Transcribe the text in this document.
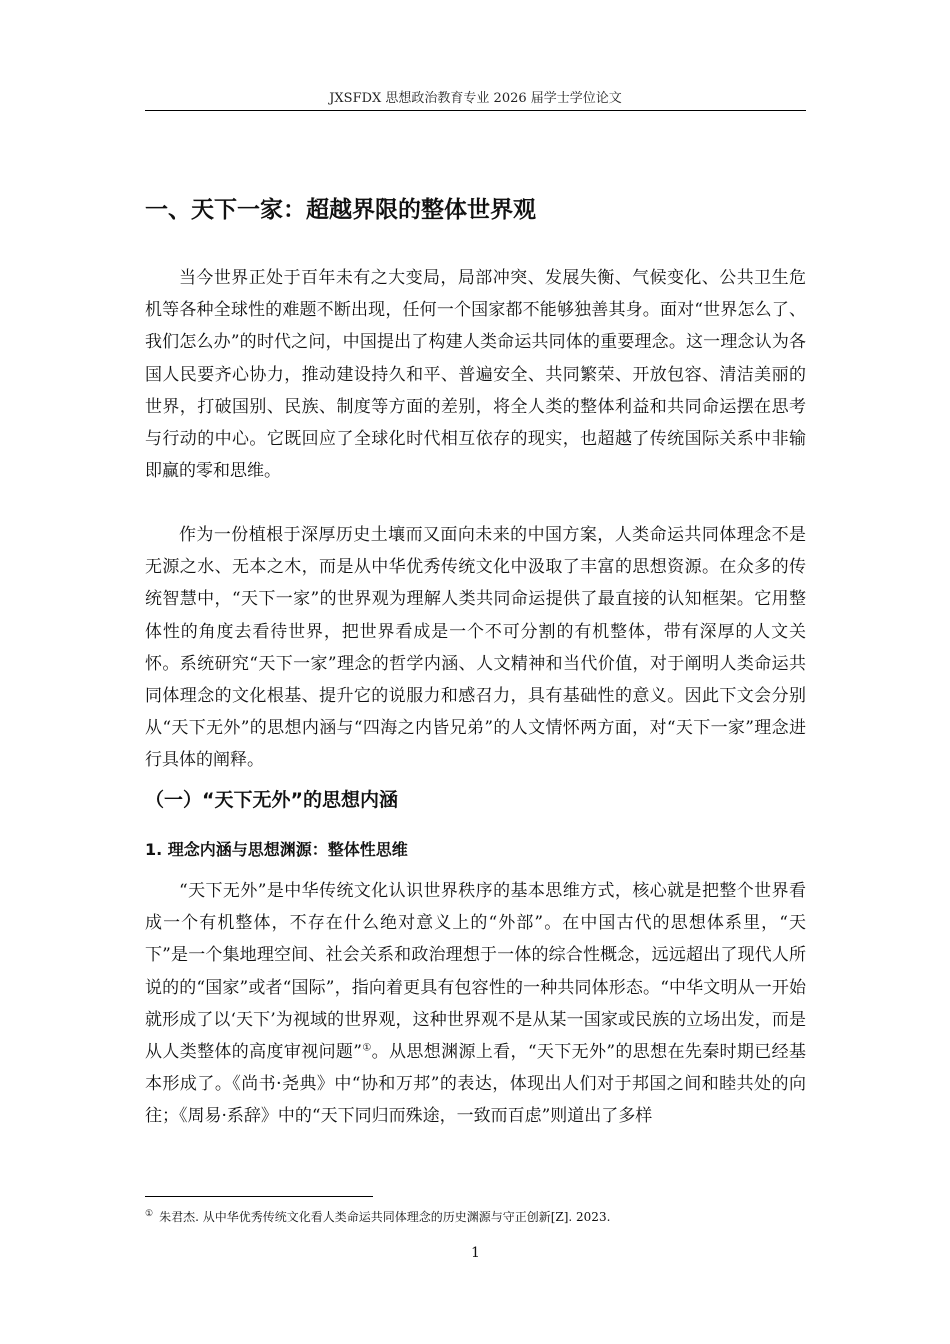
JXSFDX 思想政治教育专业 2026 届学士学位论文
一、天下一家：超越界限的整体世界观

当今世界正处于百年未有之大变局，局部冲突、发展失衡、气候变化、公共卫生危机等各种全球性的难题不断出现，任何一个国家都不能够独善其身。面对“世界怎么了、我们怎么办”的时代之问，中国提出了构建人类命运共同体的重要理念。这一理念认为各国人民要齐心协力，推动建设持久和平、普遍安全、共同繁荣、开放包容、清洁美丽的世界，打破国别、民族、制度等方面的差别，将全人类的整体利益和共同命运摆在思考与行动的中心。它既回应了全球化时代相互依存的现实，也超越了传统国际关系中非输即赢的零和思维。

作为一份植根于深厚历史土壤而又面向未来的中国方案，人类命运共同体理念不是无源之水、无本之木，而是从中华优秀传统文化中汲取了丰富的思想资源。在众多的传统智慧中，“天下一家”的世界观为理解人类共同命运提供了最直接的认知框架。它用整体性的角度去看待世界，把世界看成是一个不可分割的有机整体，带有深厚的人文关怀。系统研究“天下一家”理念的哲学内涵、人文精神和当代价值，对于阐明人类命运共同体理念的文化根基、提升它的说服力和感召力，具有基础性的意义。因此下文会分别从“天下无外”的思想内涵与“四海之内皆兄弟”的人文情怀两方面，对“天下一家”理念进行具体的阐释。

（一）“天下无外”的思想内涵
1. 理念内涵与思想渊源：整体性思维

“天下无外”是中华传统文化认识世界秩序的基本思维方式，核心就是把整个世界看成一个有机整体，不存在什么绝对意义上的“外部”。在中国古代的思想体系里，“天下”是一个集地理空间、社会关系和政治理想于一体的综合性概念，远远超出了现代人所说的的“国家”或者“国际”，指向着更具有包容性的一种共同体形态。“中华文明从一开始就形成了以‘天下’为视域的世界观，这种世界观不是从某一国家或民族的立场出发，而是从人类整体的高度审视问题”①。从思想渊源上看，“天下无外”的思想在先秦时期已经基本形成了。《尚书·尧典》中“协和万邦”的表达，体现出人们对于邦国之间和睦共处的向往；《周易·系辞》中的“天下同归而殊途，一致而百虑”则道出了多样

① 朱君杰. 从中华优秀传统文化看人类命运共同体理念的历史渊源与守正创新[Z]. 2023.
1
